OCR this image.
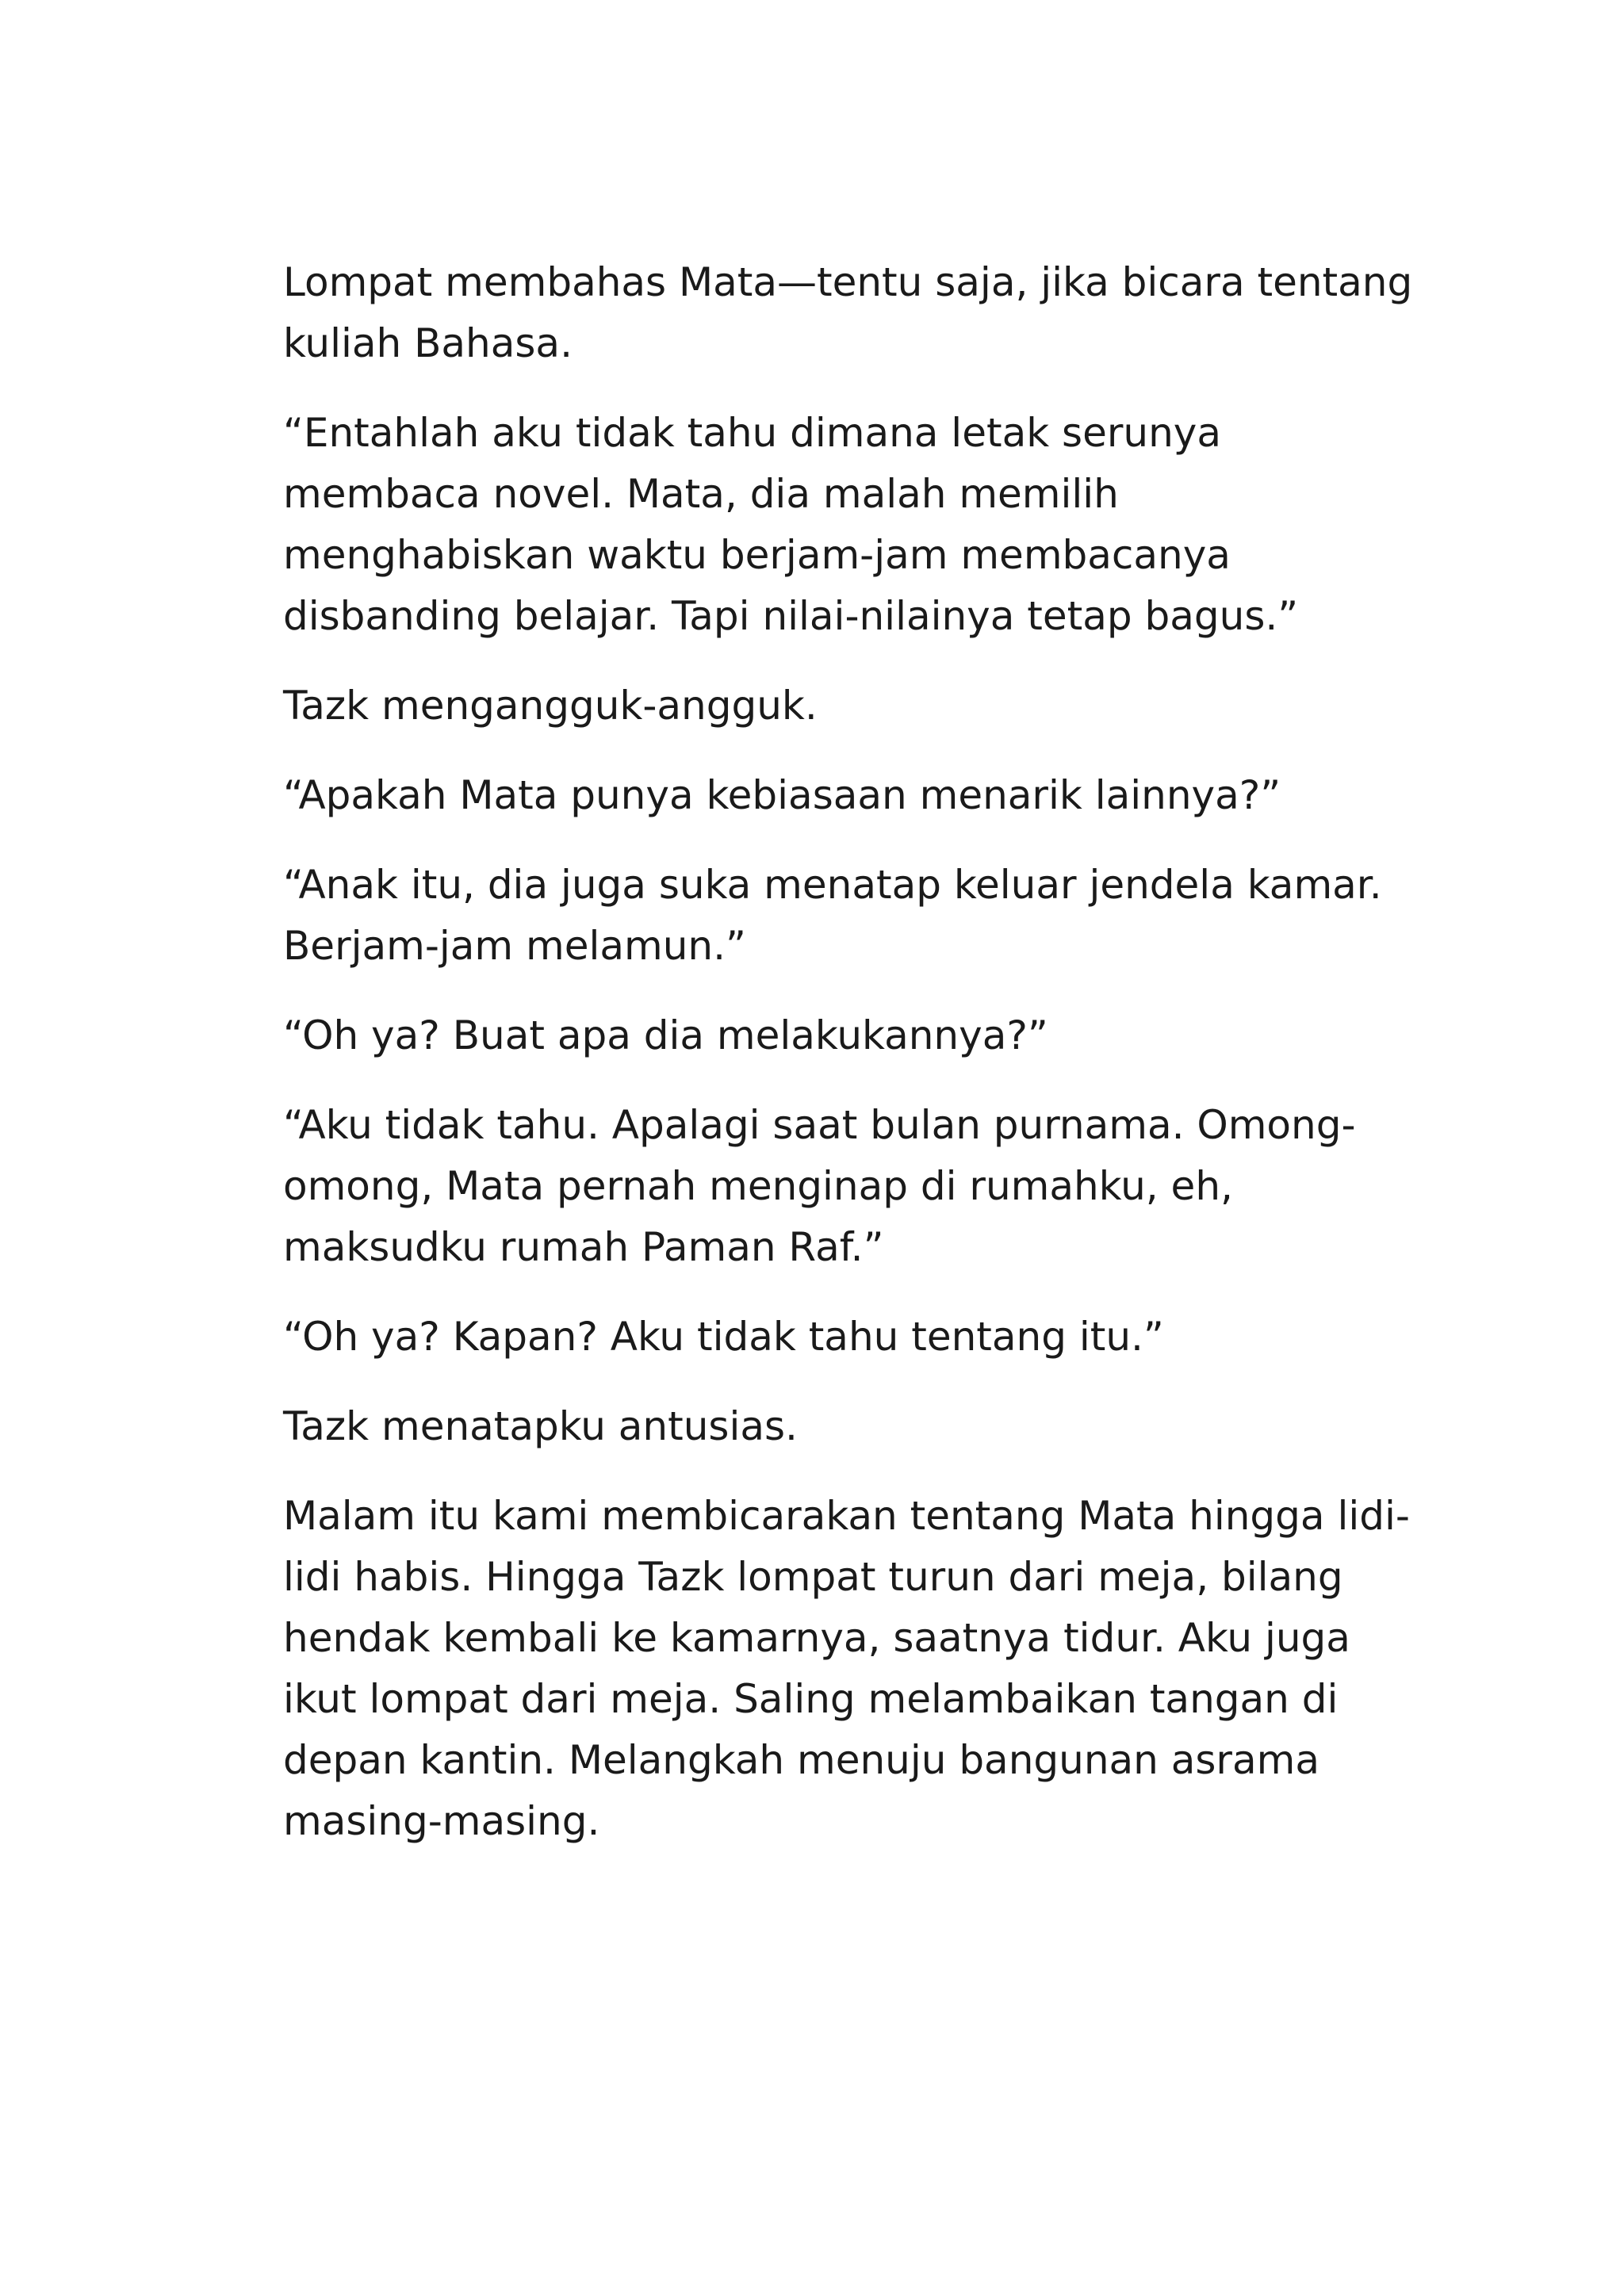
Lompat membahas Mata—tentu saja, jika bicara tentang
kuliah Bahasa.

“Entahlah aku tidak tahu dimana letak serunya
membaca novel. Mata, dia malah memilih
menghabiskan waktu berjam-jam membacanya
disbanding belajar. Tapi nilai-nilainya tetap bagus.”

Tazk mengangguk-angguk.

“Apakah Mata punya kebiasaan menarik lainnya?”

“Anak itu, dia juga suka menatap keluar jendela kamar.
Berjam-jam melamun.”

“Oh ya? Buat apa dia melakukannya?”

“Aku tidak tahu. Apalagi saat bulan purnama. Omong-
omong, Mata pernah menginap di rumahku, eh,
maksudku rumah Paman Raf.”

“Oh ya? Kapan? Aku tidak tahu tentang itu.”

Tazk menatapku antusias.

Malam itu kami membicarakan tentang Mata hingga lidi-
lidi habis. Hingga Tazk lompat turun dari meja, bilang
hendak kembali ke kamarnya, saatnya tidur. Aku juga
ikut lompat dari meja. Saling melambaikan tangan di
depan kantin. Melangkah menuju bangunan asrama
masing-masing.
